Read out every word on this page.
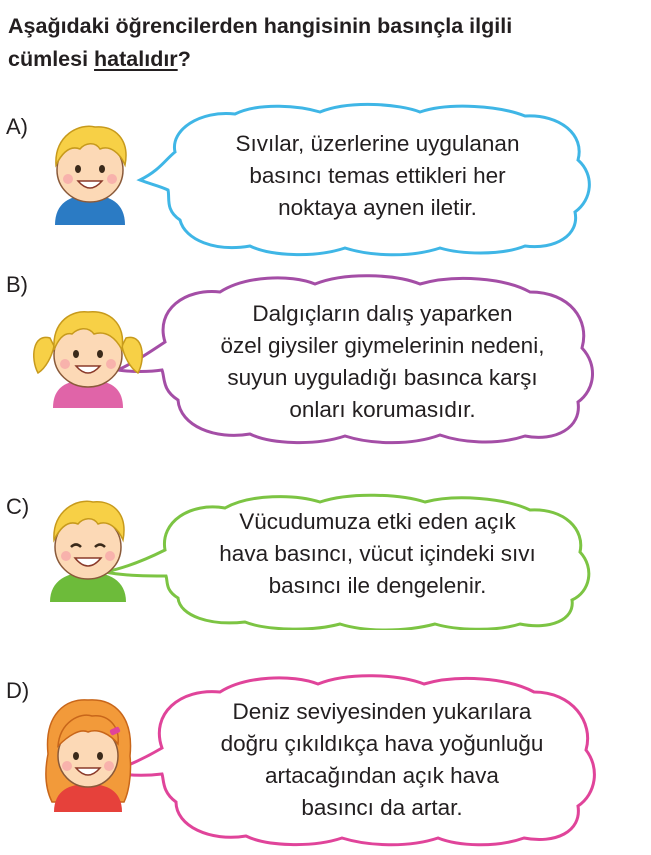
Aşağıdaki öğrencilerden hangisinin basınçla ilgili
cümlesi hatalıdır?
A)
Sıvılar, üzerlerine uygulanan
basıncı temas ettikleri her
noktaya aynen iletir.
B)
Dalgıçların dalış yaparken
özel giysiler giymelerinin nedeni,
suyun uyguladığı basınca karşı
onları korumasıdır.
C)
Vücudumuza etki eden açık
hava basıncı, vücut içindeki sıvı
basıncı ile dengelenir.
D)
Deniz seviyesinden yukarılara
doğru çıkıldıkça hava yoğunluğu
artacağından açık hava
basıncı da artar.
